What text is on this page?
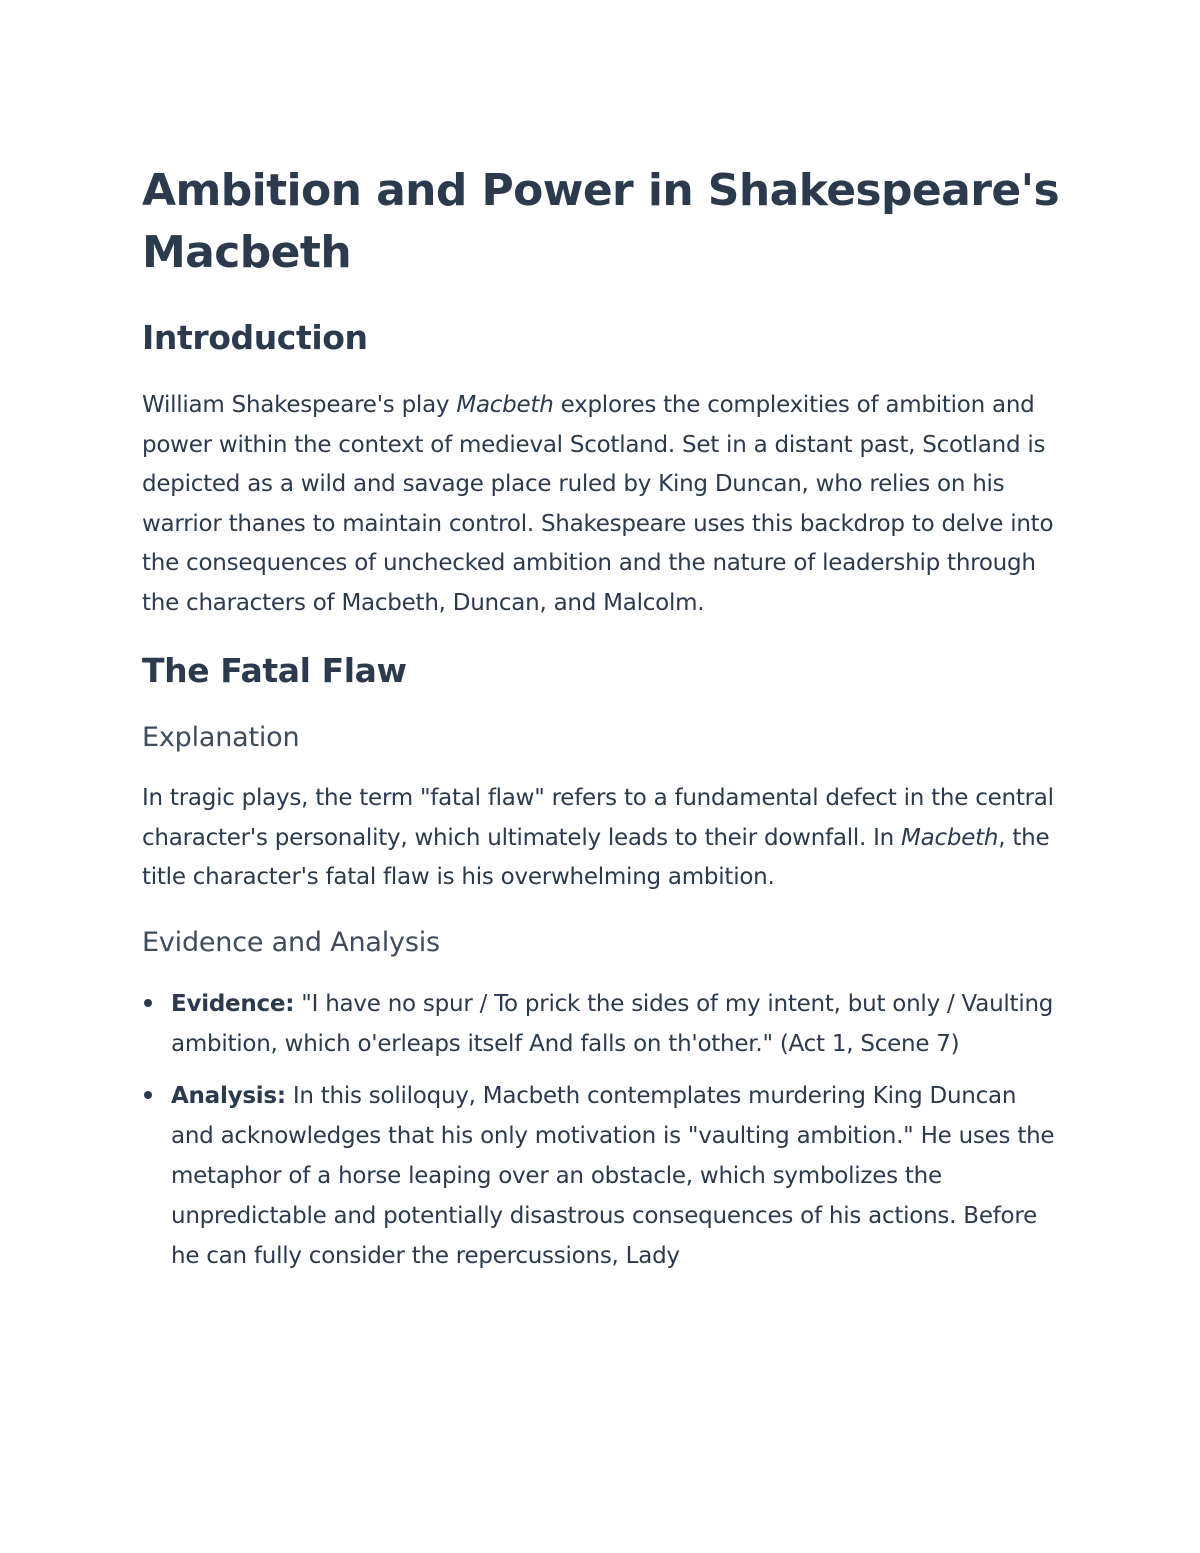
Ambition and Power in Shakespeare's Macbeth
Introduction

William Shakespeare's play Macbeth explores the complexities of ambition and power within the context of medieval Scotland. Set in a distant past, Scotland is depicted as a wild and savage place ruled by King Duncan, who relies on his warrior thanes to maintain control. Shakespeare uses this backdrop to delve into the consequences of unchecked ambition and the nature of leadership through the characters of Macbeth, Duncan, and Malcolm.

The Fatal Flaw
Explanation

In tragic plays, the term "fatal flaw" refers to a fundamental defect in the central character's personality, which ultimately leads to their downfall. In Macbeth, the title character's fatal flaw is his overwhelming ambition.

Evidence and Analysis
Evidence: "I have no spur / To prick the sides of my intent, but only / Vaulting ambition, which o'erleaps itself And falls on th'other." (Act 1, Scene 7)
Analysis: In this soliloquy, Macbeth contemplates murdering King Duncan and acknowledges that his only motivation is "vaulting ambition." He uses the metaphor of a horse leaping over an obstacle, which symbolizes the unpredictable and potentially disastrous consequences of his actions. Before he can fully consider the repercussions, Lady
